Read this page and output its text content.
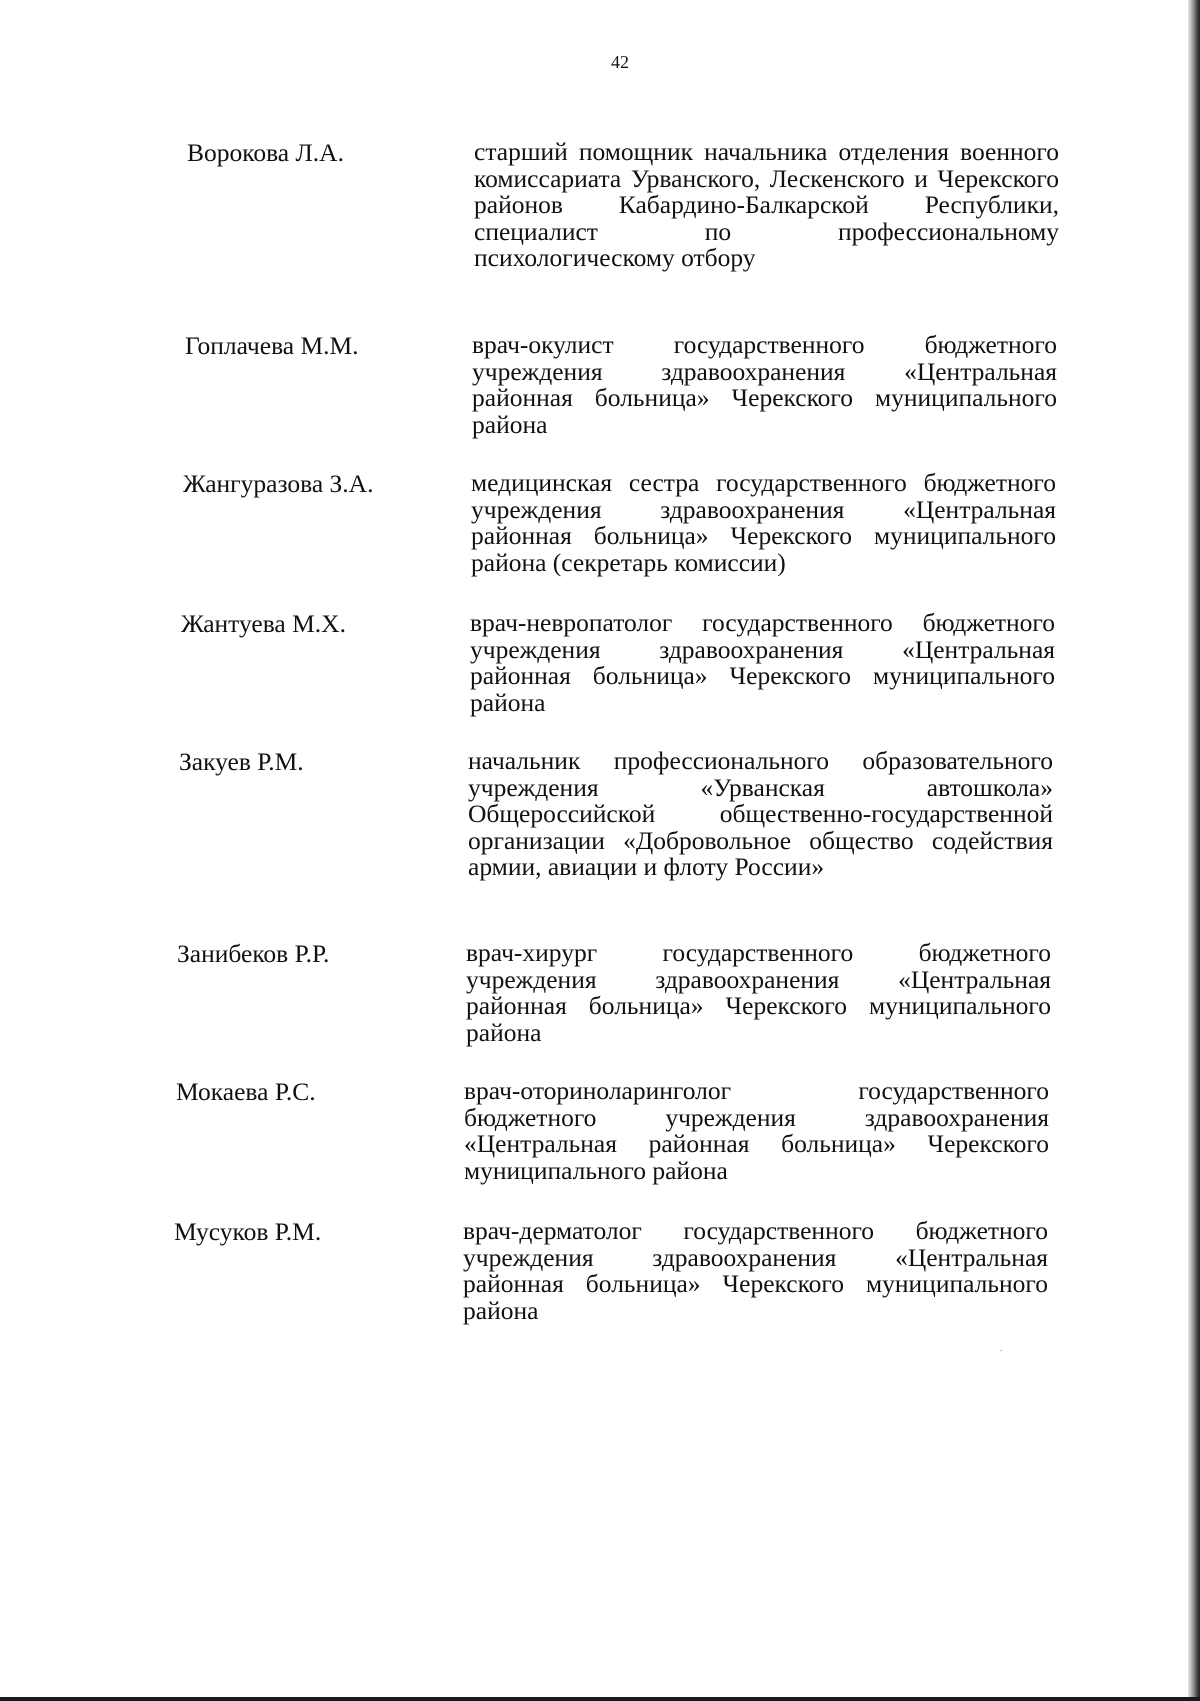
42
Ворокова Л.А.	старший помощник начальника отделения военного комиссариата Урванского, Лескенского и Черекского районов Кабардино-Балкарской Республики, специалист по профессиональному психологическому отбору
Гоплачева М.М.	врач-окулист государственного бюджетного учреждения здравоохранения «Центральная районная больница» Черекского муниципального района
Жангуразова З.А.	медицинская сестра государственного бюджетного учреждения здравоохранения «Центральная районная больница» Черекского муниципального района (секретарь комиссии)
Жантуева М.Х.	врач-невропатолог государственного бюджетного учреждения здравоохранения «Центральная районная больница» Черекского муниципального района
Закуев Р.М.	начальник профессионального образовательного учреждения «Урванская автошкола» Общероссийской общественно-государственной организации «Добровольное общество содействия армии, авиации и флоту России»
Занибеков Р.Р.	врач-хирург государственного бюджетного учреждения здравоохранения «Центральная районная больница» Черекского муниципального района
Мокаева Р.С.	врач-оториноларинголог государственного бюджетного учреждения здравоохранения «Центральная районная больница» Черекского муниципального района
Мусуков Р.М.	врач-дерматолог государственного бюджетного учреждения здравоохранения «Центральная районная больница» Черекского муниципального района
